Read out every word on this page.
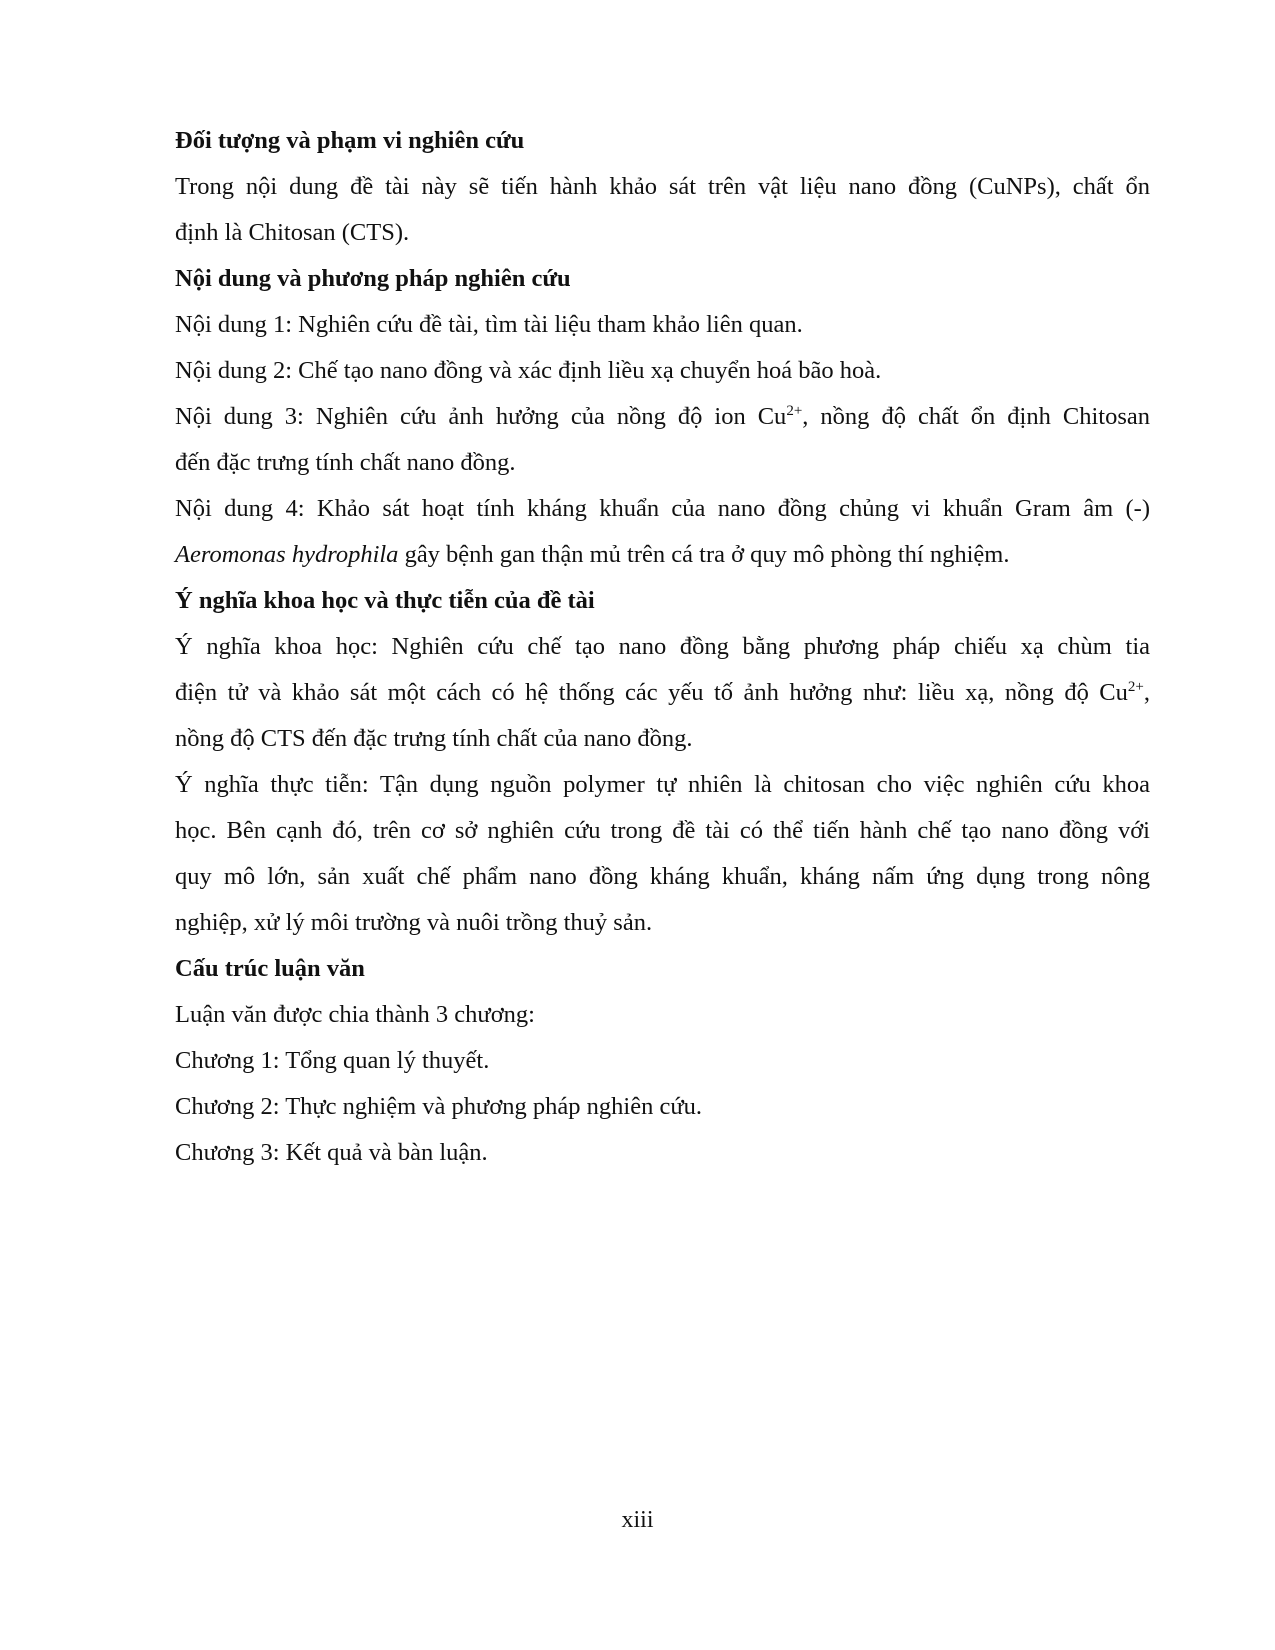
Đối tượng và phạm vi nghiên cứu

Trong nội dung đề tài này sẽ tiến hành khảo sát trên vật liệu nano đồng (CuNPs), chất ổn

định là Chitosan (CTS).

Nội dung và phương pháp nghiên cứu

Nội dung 1: Nghiên cứu đề tài, tìm tài liệu tham khảo liên quan.

Nội dung 2: Chế tạo nano đồng và xác định liều xạ chuyển hoá bão hoà.

Nội dung 3: Nghiên cứu ảnh hưởng của nồng độ ion $Cu^{2+}$, nồng độ chất ổn định Chitosan

đến đặc trưng tính chất nano đồng.

Nội dung 4: Khảo sát hoạt tính kháng khuẩn của nano đồng chủng vi khuẩn Gram âm (-)

Aeromonas hydrophila gây bệnh gan thận mủ trên cá tra ở quy mô phòng thí nghiệm.

Ý nghĩa khoa học và thực tiễn của đề tài

Ý nghĩa khoa học: Nghiên cứu chế tạo nano đồng bằng phương pháp chiếu xạ chùm tia

điện tử và khảo sát một cách có hệ thống các yếu tố ảnh hưởng như: liều xạ, nồng độ $Cu^{2+}$,

nồng độ CTS đến đặc trưng tính chất của nano đồng.

Ý nghĩa thực tiễn: Tận dụng nguồn polymer tự nhiên là chitosan cho việc nghiên cứu khoa

học. Bên cạnh đó, trên cơ sở nghiên cứu trong đề tài có thể tiến hành chế tạo nano đồng với

quy mô lớn, sản xuất chế phẩm nano đồng kháng khuẩn, kháng nấm ứng dụng trong nông

nghiệp, xử lý môi trường và nuôi trồng thuỷ sản.

Cấu trúc luận văn

Luận văn được chia thành 3 chương:

Chương 1: Tổng quan lý thuyết.

Chương 2: Thực nghiệm và phương pháp nghiên cứu.

Chương 3: Kết quả và bàn luận.

xiii
